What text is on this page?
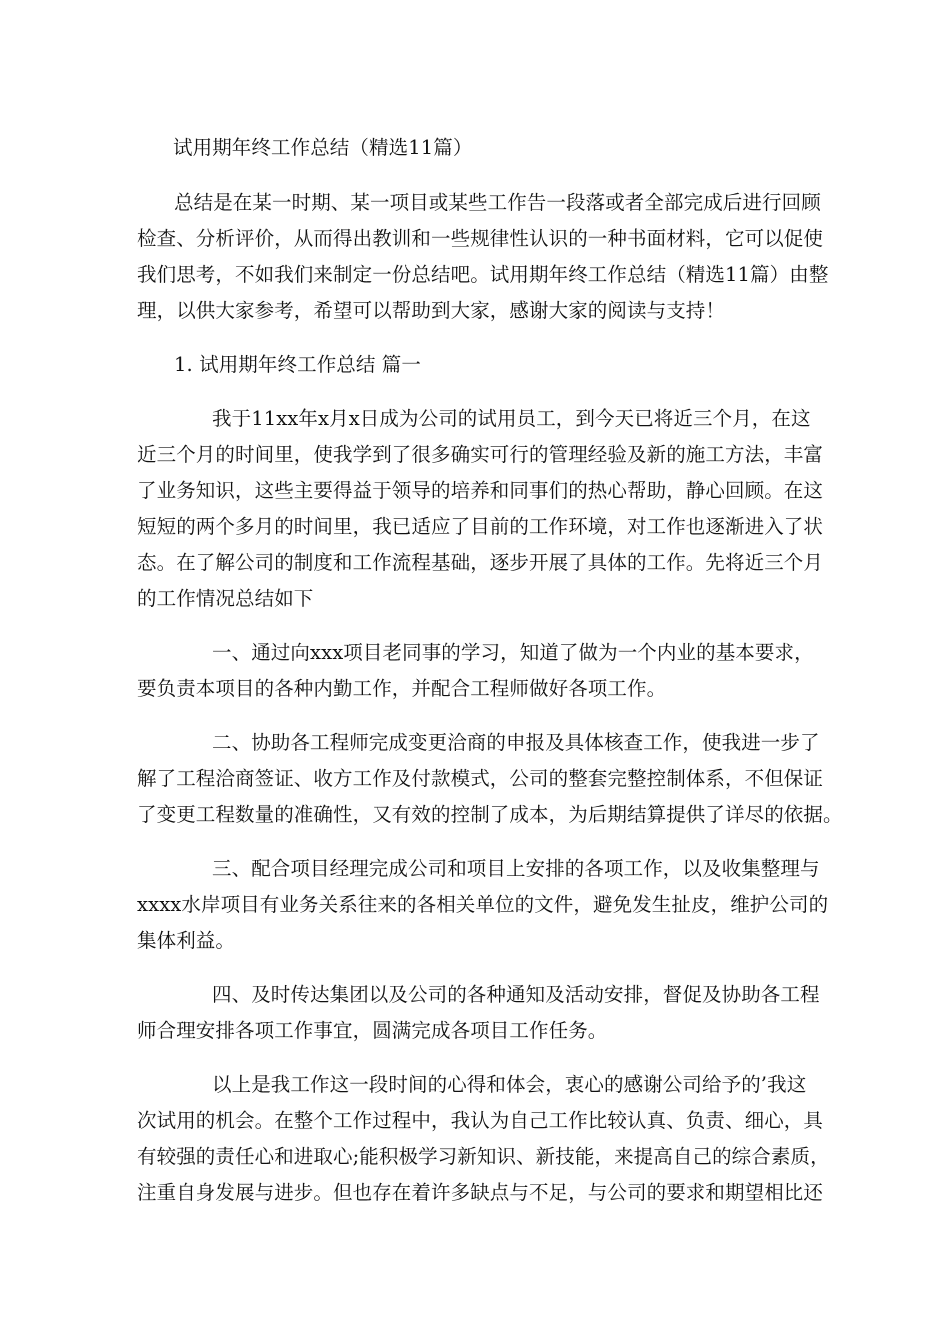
试用期年终工作总结（精选11篇）
总结是在某一时期、某一项目或某些工作告一段落或者全部完成后进行回顾
检查、分析评价，从而得出教训和一些规律性认识的一种书面材料，它可以促使
我们思考，不如我们来制定一份总结吧。试用期年终工作总结（精选11篇）由整
理，以供大家参考，希望可以帮助到大家，感谢大家的阅读与支持！
1. 试用期年终工作总结 篇一
我于11xx年x月x日成为公司的试用员工，到今天已将近三个月，在这
近三个月的时间里，使我学到了很多确实可行的管理经验及新的施工方法，丰富
了业务知识，这些主要得益于领导的培养和同事们的热心帮助，静心回顾。在这
短短的两个多月的时间里，我已适应了目前的工作环境，对工作也逐渐进入了状
态。在了解公司的制度和工作流程基础，逐步开展了具体的工作。先将近三个月
的工作情况总结如下
一、通过向xxx项目老同事的学习，知道了做为一个内业的基本要求，
要负责本项目的各种内勤工作，并配合工程师做好各项工作。
二、协助各工程师完成变更洽商的申报及具体核查工作，使我进一步了
解了工程洽商签证、收方工作及付款模式，公司的整套完整控制体系，不但保证
了变更工程数量的准确性，又有效的控制了成本，为后期结算提供了详尽的依据。
三、配合项目经理完成公司和项目上安排的各项工作，以及收集整理与
xxxx水岸项目有业务关系往来的各相关单位的文件，避免发生扯皮，维护公司的
集体利益。
四、及时传达集团以及公司的各种通知及活动安排，督促及协助各工程
师合理安排各项工作事宜，圆满完成各项目工作任务。
以上是我工作这一段时间的心得和体会，衷心的感谢公司给予的’我这
次试用的机会。在整个工作过程中，我认为自己工作比较认真、负责、细心，具
有较强的责任心和进取心;能积极学习新知识、新技能，来提高自己的综合素质，
注重自身发展与进步。但也存在着许多缺点与不足，与公司的要求和期望相比还
